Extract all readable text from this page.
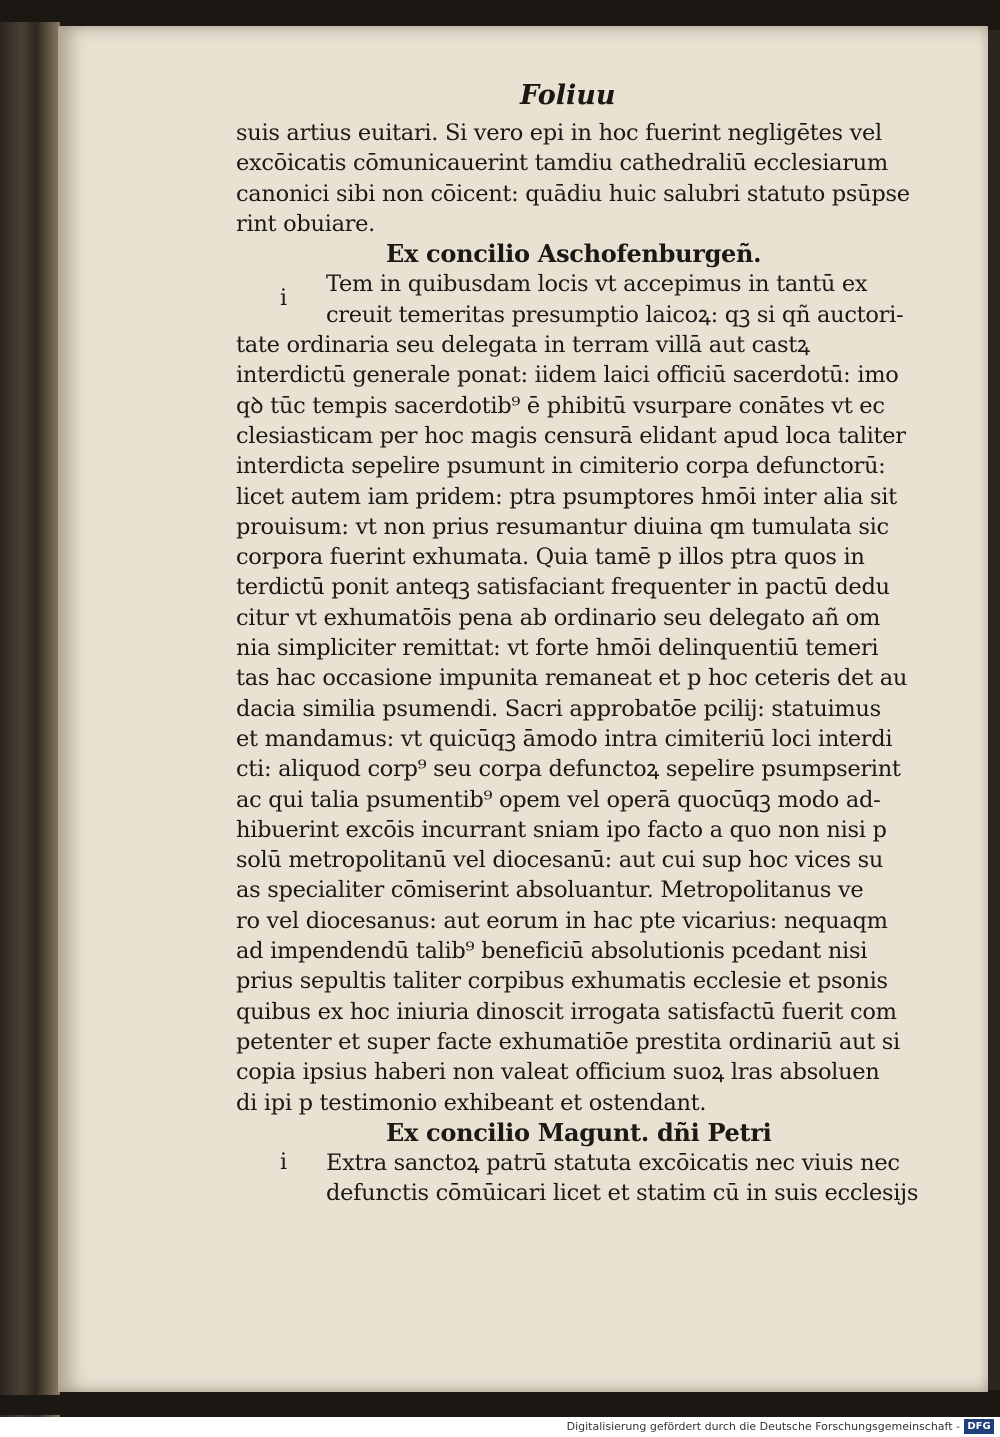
Foliuu
i
i
suis artius euitari. Si vero epi in hoc fuerint negligētes vel
excōicatis cōmunicauerint tamdiu cathedraliū ecclesiarum
canonici sibi non cōicent: quādiu huic salubri statuto psūpse
rint obuiare.
Ex concilio Aschofenburgeñ.
Tem in quibusdam locis vt accepimus in tantū ex
creuit temeritas presumptio laicoꝝ: qꝫ si qñ auctori-
tate ordinaria seu delegata in terram villā aut castꝝ
interdictū generale ponat: iidem laici officiū sacerdotū: imo
qꝺ tūc tempis sacerdotib⁹ ē phibitū vsurpare conātes vt ec
clesiasticam per hoc magis censurā elidant apud loca taliter
interdicta sepelire psumunt in cimiterio corpa defunctorū:
licet autem iam pridem: ptra psumptores hmōi inter alia sit
prouisum: vt non prius resumantur diuina qm tumulata sic
corpora fuerint exhumata. Quia tamē p illos ptra quos in
terdictū ponit anteqꝫ satisfaciant frequenter in pactū dedu
citur vt exhumatōis pena ab ordinario seu delegato añ om
nia simpliciter remittat: vt forte hmōi delinquentiū temeri
tas hac occasione impunita remaneat et p hoc ceteris det au
dacia similia psumendi. Sacri approbatōe pcilij: statuimus
et mandamus: vt quicūqꝫ āmodo intra cimiteriū loci interdi
cti: aliquod corp⁹ seu corpa defunctoꝝ sepelire psumpserint
ac qui talia psumentib⁹ opem vel operā quocūqꝫ modo ad-
hibuerint excōis incurrant sniam ipo facto a quo non nisi p
solū metropolitanū vel diocesanū: aut cui sup hoc vices su
as specialiter cōmiserint absoluantur. Metropolitanus ve
ro vel diocesanus: aut eorum in hac pte vicarius: nequaqm
ad impendendū talib⁹ beneficiū absolutionis pcedant nisi
prius sepultis taliter corpibus exhumatis ecclesie et psonis
quibus ex hoc iniuria dinoscit irrogata satisfactū fuerit com
petenter et super facte exhumatiōe prestita ordinariū aut si
copia ipsius haberi non valeat officium suoꝝ lras absoluen
di ipi p testimonio exhibeant et ostendant.
Ex concilio Magunt. dñi Petri
Extra sanctoꝝ patrū statuta excōicatis nec viuis nec
defunctis cōmūicari licet et statim cū in suis ecclesijs
Digitalisierung gefördert durch die Deutsche Forschungsgemeinschaft - DFG
